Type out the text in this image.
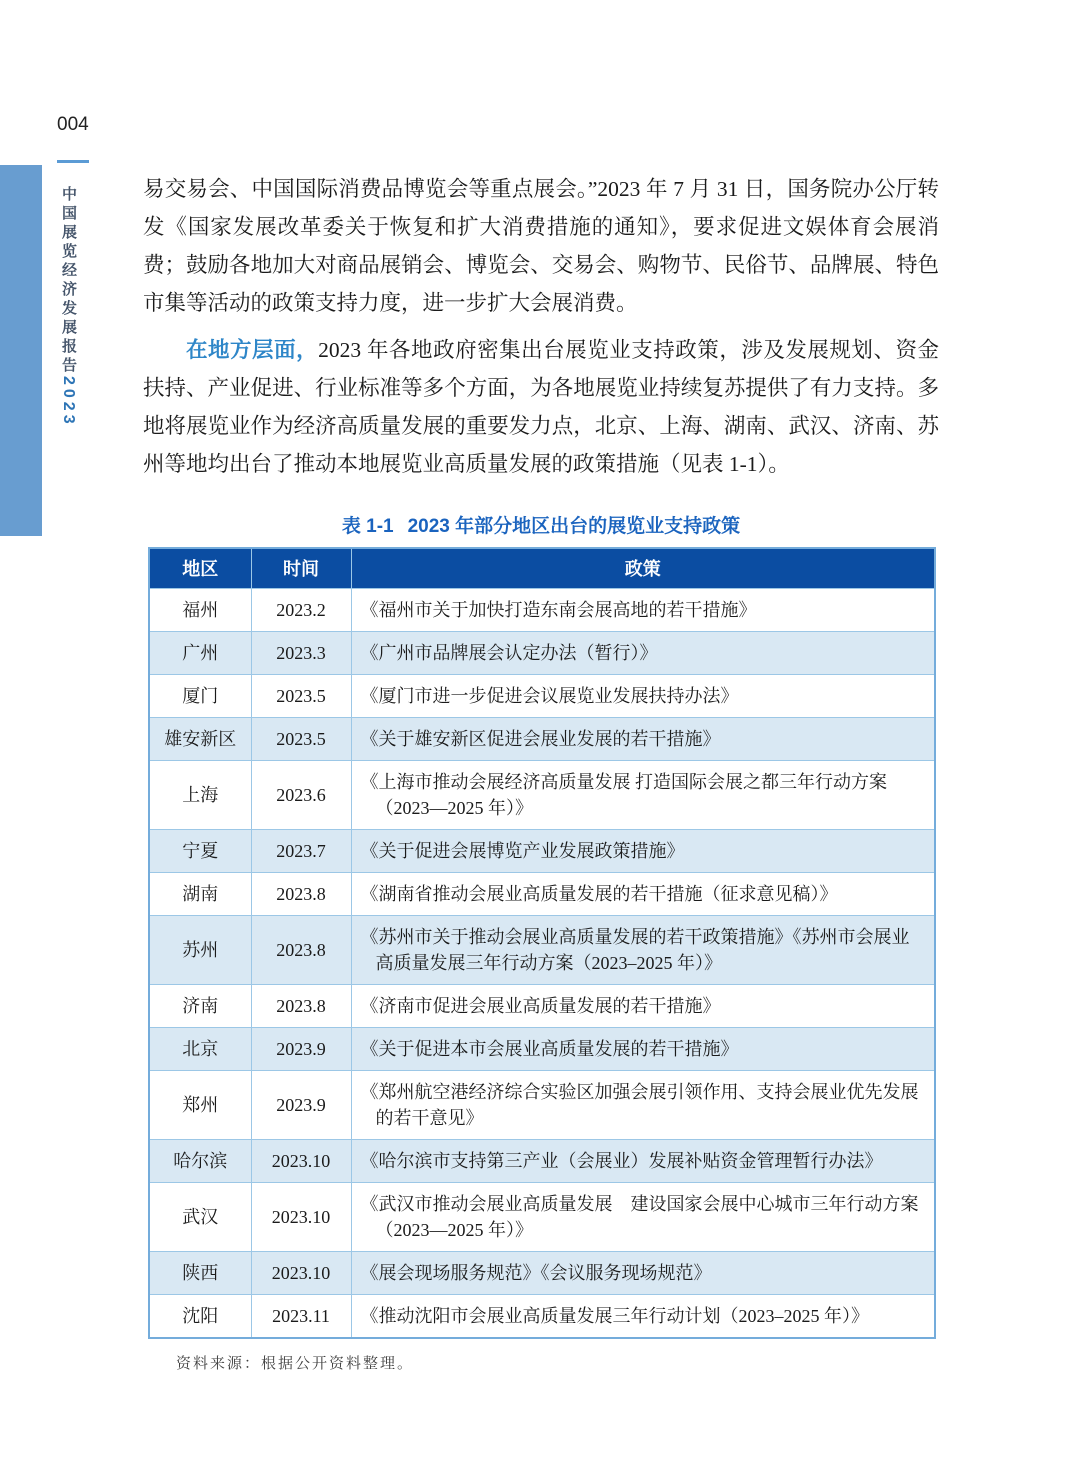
004
中国展览经济发展报告2023

易交易会、中国国际消费品博览会等重点展会。”2023 年 7 月 31 日，国务院办公厅转发《国家发展改革委关于恢复和扩大消费措施的通知》，要求促进文娱体育会展消费；鼓励各地加大对商品展销会、博览会、交易会、购物节、民俗节、品牌展、特色市集等活动的政策支持力度，进一步扩大会展消费。

在地方层面，2023 年各地政府密集出台展览业支持政策，涉及发展规划、资金扶持、产业促进、行业标准等多个方面，为各地展览业持续复苏提供了有力支持。多地将展览业作为经济高质量发展的重要发力点，北京、上海、湖南、武汉、济南、苏州等地均出台了推动本地展览业高质量发展的政策措施（见表 1-1）。

表 1-1 2023 年部分地区出台的展览业支持政策
地区	时间	政策
福州	2023.2	《福州市关于加快打造东南会展高地的若干措施》
广州	2023.3	《广州市品牌展会认定办法（暂行）》
厦门	2023.5	《厦门市进一步促进会议展览业发展扶持办法》
雄安新区	2023.5	《关于雄安新区促进会展业发展的若干措施》
上海	2023.6	《上海市推动会展经济高质量发展 打造国际会展之都三年行动方案（2023—2025 年）》
宁夏	2023.7	《关于促进会展博览产业发展政策措施》
湖南	2023.8	《湖南省推动会展业高质量发展的若干措施（征求意见稿）》
苏州	2023.8	《苏州市关于推动会展业高质量发展的若干政策措施》《苏州市会展业高质量发展三年行动方案（2023–2025 年）》
济南	2023.8	《济南市促进会展业高质量发展的若干措施》
北京	2023.9	《关于促进本市会展业高质量发展的若干措施》
郑州	2023.9	《郑州航空港经济综合实验区加强会展引领作用、支持会展业优先发展的若干意见》
哈尔滨	2023.10	《哈尔滨市支持第三产业（会展业）发展补贴资金管理暂行办法》
武汉	2023.10	《武汉市推动会展业高质量发展　建设国家会展中心城市三年行动方案（2023—2025 年）》
陕西	2023.10	《展会现场服务规范》《会议服务现场规范》
沈阳	2023.11	《推动沈阳市会展业高质量发展三年行动计划（2023–2025 年）》
资料来源：根据公开资料整理。
